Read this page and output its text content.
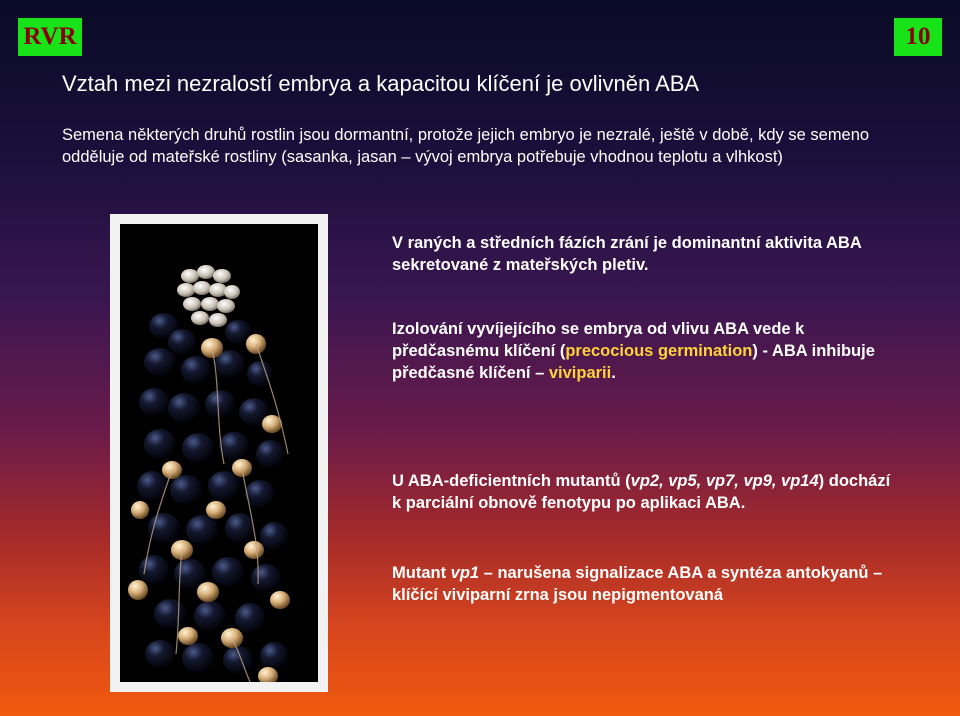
RVR	10
Vztah mezi nezralostí embrya a kapacitou klíčení je ovlivněn ABA
Semena některých druhů rostlin jsou dormantní, protože jejich embryo je nezralé, ještě v době, kdy se semeno odděluje od mateřské rostliny (sasanka, jasan – vývoj embrya potřebuje vhodnou teplotu a vlhkost)
V raných a středních fázích zrání je dominantní aktivita ABA sekretované z mateřských pletiv.
Izolování vyvíjejícího se embrya od vlivu ABA vede k předčasnému klíčení (precocious germination) - ABA inhibuje předčasné klíčení – viviparii.
U ABA-deficientních mutantů (vp2, vp5, vp7, vp9, vp14) dochází k parciální obnově fenotypu po aplikaci ABA.
Mutant vp1 – narušena signalizace ABA a syntéza antokyanů – klíčící viviparní zrna jsou nepigmentovaná
